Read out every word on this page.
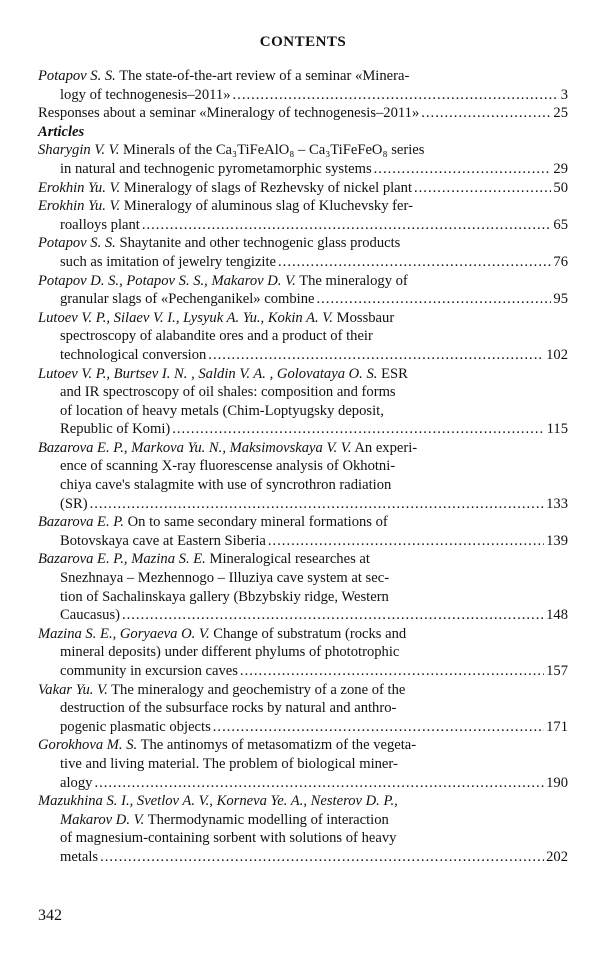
CONTENTS
Potapov S. S. The state-of-the-art review of a seminar «Minera-
logy of technogenesis–2011» .....	3
Responses about a seminar «Mineralogy of technogenesis–2011» .....	25
Articles
Sharygin V. V. Minerals of the Ca₃TiFeAlO₈ – Ca₃TiFeFeO₈ series
in natural and technogenic pyrometamorphic systems .....	29
Erokhin Yu. V. Mineralogy of slags of Rezhevsky of nickel plant .....	50
Erokhin Yu. V. Mineralogy of aluminous slag of Kluchevsky fer-
roalloys plant .....	65
Potapov S. S. Shaytanite and other technogenic glass products
such as imitation of jewelry tengizite .....	76
Potapov D. S., Potapov S. S., Makarov D. V. The mineralogy of
granular slags of «Pechenganikel» combine .....	95
Lutoev V. P., Silaev V. I., Lysyuk A. Yu., Kokin A. V. Mossbaur
spectroscopy of alabandite ores and a product of their
technological conversion .....	102
Lutoev V. P., Burtsev I. N. , Saldin V. A. , Golovataya O. S. ESR
and IR spectroscopy of oil shales: composition and forms
of location of heavy metals (Chim-Loptyugsky deposit,
Republic of Komi) .....	115
Bazarova E. P., Markova Yu. N., Maksimovskaya V. V. An experi-
ence of scanning X-ray fluorescense analysis of Okhotni-
chiya cave's stalagmite with use of syncrothron radiation
(SR) .....	133
Bazarova E. P. On to same secondary mineral formations of
Botovskaya cave at Eastern Siberia .....	139
Bazarova E. P., Mazina S. E. Mineralogical researches at
Snezhnaya – Mezhennogo – Illuziya cave system at sec-
tion of Sachalinskaya gallery (Bbzybskiy ridge, Western
Caucasus) .....	148
Mazina S. E., Goryaeva O. V. Change of substratum (rocks and
mineral deposits) under different phylums of phototrophic
community in excursion caves .....	157
Vakar Yu. V. The mineralogy and geochemistry of a zone of the
destruction of the subsurface rocks by natural and anthro-
pogenic plasmatic objects .....	171
Gorokhova M. S. The antinomys of metasomatizm of the vegeta-
tive and living material. The problem of biological miner-
alogy .....	190
Mazukhina S. I., Svetlov A. V., Korneva Ye. A., Nesterov D. P.,
Makarov D. V. Thermodynamic modelling of interaction
of magnesium-containing sorbent with solutions of heavy
metals .....	202
342
